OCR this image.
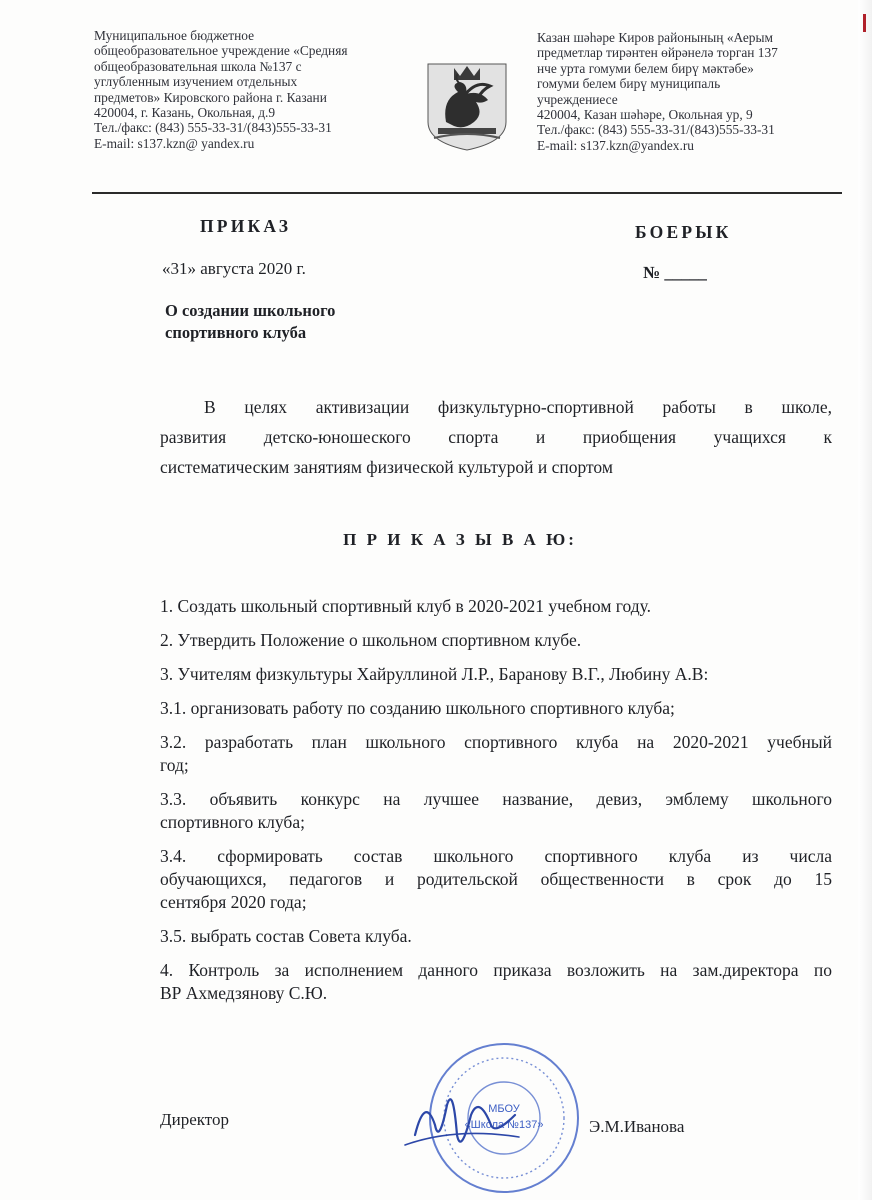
Муниципальное бюджетное
общеобразовательное учреждение «Средняя
общеобразовательная школа №137 с
углубленным изучением отдельных
предметов» Кировского района г. Казани
420004, г. Казань, Окольная, д.9
Тел./факс: (843) 555-33-31/(843)555-33-31
E-mail: s137.kzn@ yandex.ru
Казан шәһәре Киров районының «Аерым
предметлар тирәнтен өйрәнелә торган 137
нче урта гомуми белем бирү мәктәбе»
гомуми белем бирү муниципаль
учреждениесе
420004, Казан шәһәре, Окольная ур, 9
Тел./факс: (843) 555-33-31/(843)555-33-31
E-mail: s137.kzn@yandex.ru
ПРИКАЗ	БОЕРЫК
«31» августа 2020 г.	№ _____
О создании школьного
спортивного клуба
В целях активизации физкультурно-спортивной работы в школе,
развития детско-юношеского спорта и приобщения учащихся к
систематическим занятиям физической культурой и спортом
П Р И К А З Ы В А Ю:
1. Создать школьный спортивный клуб в 2020-2021 учебном году.
2. Утвердить Положение о школьном спортивном клубе.
3. Учителям физкультуры Хайруллиной Л.Р., Баранову В.Г., Любину А.В:
3.1. организовать работу по созданию школьного спортивного клуба;
3.2. разработать план школьного спортивного клуба на 2020-2021 учебный
год;
3.3. объявить конкурс на лучшее название, девиз, эмблему школьного
спортивного клуба;
3.4. сформировать состав школьного спортивного клуба из числа
обучающихся, педагогов и родительской общественности в срок до 15
сентября 2020 года;
3.5. выбрать состав Совета клуба.
4. Контроль за исполнением данного приказа возложить на зам.директора по
ВР Ахмедзянову С.Ю.
МБОУ
«Школа №137»
Директор	Э.М.Иванова
